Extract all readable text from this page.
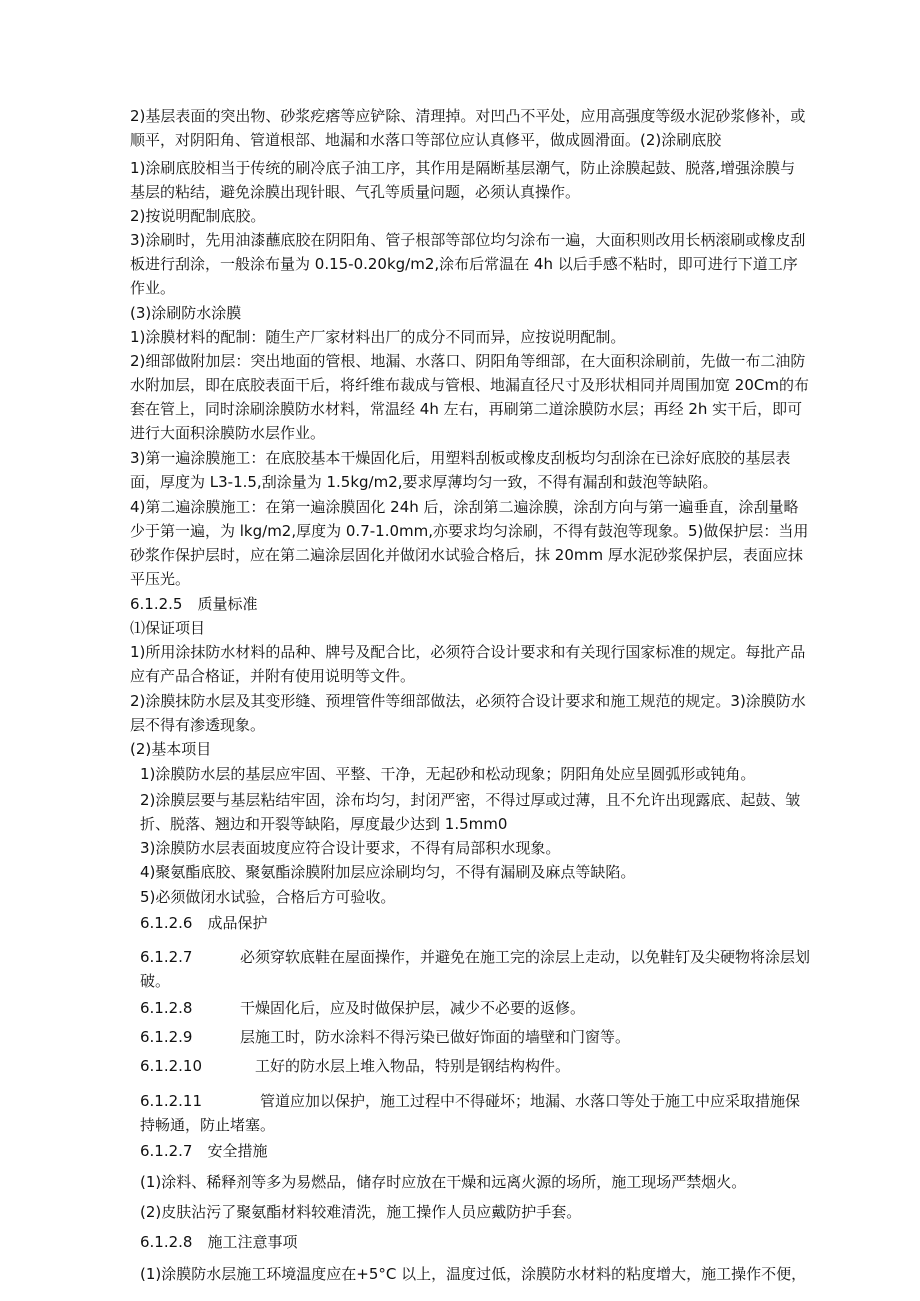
2)基层表面的突出物、砂浆疙瘩等应铲除、清理掉。对凹凸不平处，应用高强度等级水泥砂浆修补，或顺平，对阴阳角、管道根部、地漏和水落口等部位应认真修平，做成圆滑面。(2)涂刷底胶

1)涂刷底胶相当于传统的刷冷底子油工序，其作用是隔断基层潮气，防止涂膜起鼓、脱落,增强涂膜与基层的粘结，避免涂膜出现针眼、气孔等质量问题，必须认真操作。

2)按说明配制底胶。

3)涂刷时，先用油漆蘸底胶在阴阳角、管子根部等部位均匀涂布一遍，大面积则改用长柄滚刷或橡皮刮板进行刮涂，一般涂布量为 0.15-0.20kg∕m2,涂布后常温在 4h 以后手感不粘时，即可进行下道工序作业。

(3)涂刷防水涂膜

1)涂膜材料的配制：随生产厂家材料出厂的成分不同而异，应按说明配制。

2)细部做附加层：突出地面的管根、地漏、水落口、阴阳角等细部，在大面积涂刷前，先做一布二油防水附加层，即在底胶表面干后，将纤维布裁成与管根、地漏直径尺寸及形状相同并周围加宽 20Cm的布套在管上，同时涂刷涂膜防水材料，常温经 4h 左右，再刷第二道涂膜防水层；再经 2h 实干后，即可进行大面积涂膜防水层作业。

3)第一遍涂膜施工：在底胶基本干燥固化后，用塑料刮板或橡皮刮板均匀刮涂在已涂好底胶的基层表面，厚度为 L3-1.5,刮涂量为 1.5kg∕m2,要求厚薄均匀一致，不得有漏刮和鼓泡等缺陷。

4)第二遍涂膜施工：在第一遍涂膜固化 24h 后，涂刮第二遍涂膜，涂刮方向与第一遍垂直，涂刮量略少于第一遍，为 lkg∕m2,厚度为 0.7-1.0mm,亦要求均匀涂刷，不得有鼓泡等现象。5)做保护层：当用砂浆作保护层时，应在第二遍涂层固化并做闭水试验合格后，抹 20mm 厚水泥砂浆保护层，表面应抹平压光。

6.1.2.5　质量标准

⑴保证项目

1)所用涂抹防水材料的品种、牌号及配合比，必须符合设计要求和有关现行国家标准的规定。每批产品应有产品合格证，并附有使用说明等文件。

2)涂膜抹防水层及其变形缝、预埋管件等细部做法，必须符合设计要求和施工规范的规定。3)涂膜防水层不得有渗透现象。

(2)基本项目

1)涂膜防水层的基层应牢固、平整、干净，无起砂和松动现象；阴阳角处应呈圆弧形或钝角。

2)涂膜层要与基层粘结牢固，涂布均匀，封闭严密，不得过厚或过薄，且不允许出现露底、起鼓、皱折、脱落、翘边和开裂等缺陷，厚度最少达到 1.5mm0

3)涂膜防水层表面坡度应符合设计要求，不得有局部积水现象。

4)聚氨酯底胶、聚氨酯涂膜附加层应涂刷均匀，不得有漏刷及麻点等缺陷。

5)必须做闭水试验，合格后方可验收。

6.1.2.6　成品保护

6.1.2.7	必须穿软底鞋在屋面操作，并避免在施工完的涂层上走动，以免鞋钉及尖硬物将涂层划破。
6.1.2.8	干燥固化后，应及时做保护层，减少不必要的返修。
6.1.2.9	层施工时，防水涂料不得污染已做好饰面的墙壁和门窗等。
6.1.2.10	工好的防水层上堆入物品，特别是钢结构构件。
6.1.2.11	管道应加以保护，施工过程中不得碰坏；地漏、水落口等处于施工中应采取措施保持畅通，防止堵塞。

6.1.2.7　安全措施

(1)涂料、稀释剂等多为易燃品，储存时应放在干燥和远离火源的场所，施工现场严禁烟火。

(2)皮肤沾污了聚氨酯材料较难清洗，施工操作人员应戴防护手套。

6.1.2.8　施工注意事项

(1)涂膜防水层施工环境温度应在+5°C 以上，温度过低，涂膜防水材料的粘度增大，施工操作不便，
